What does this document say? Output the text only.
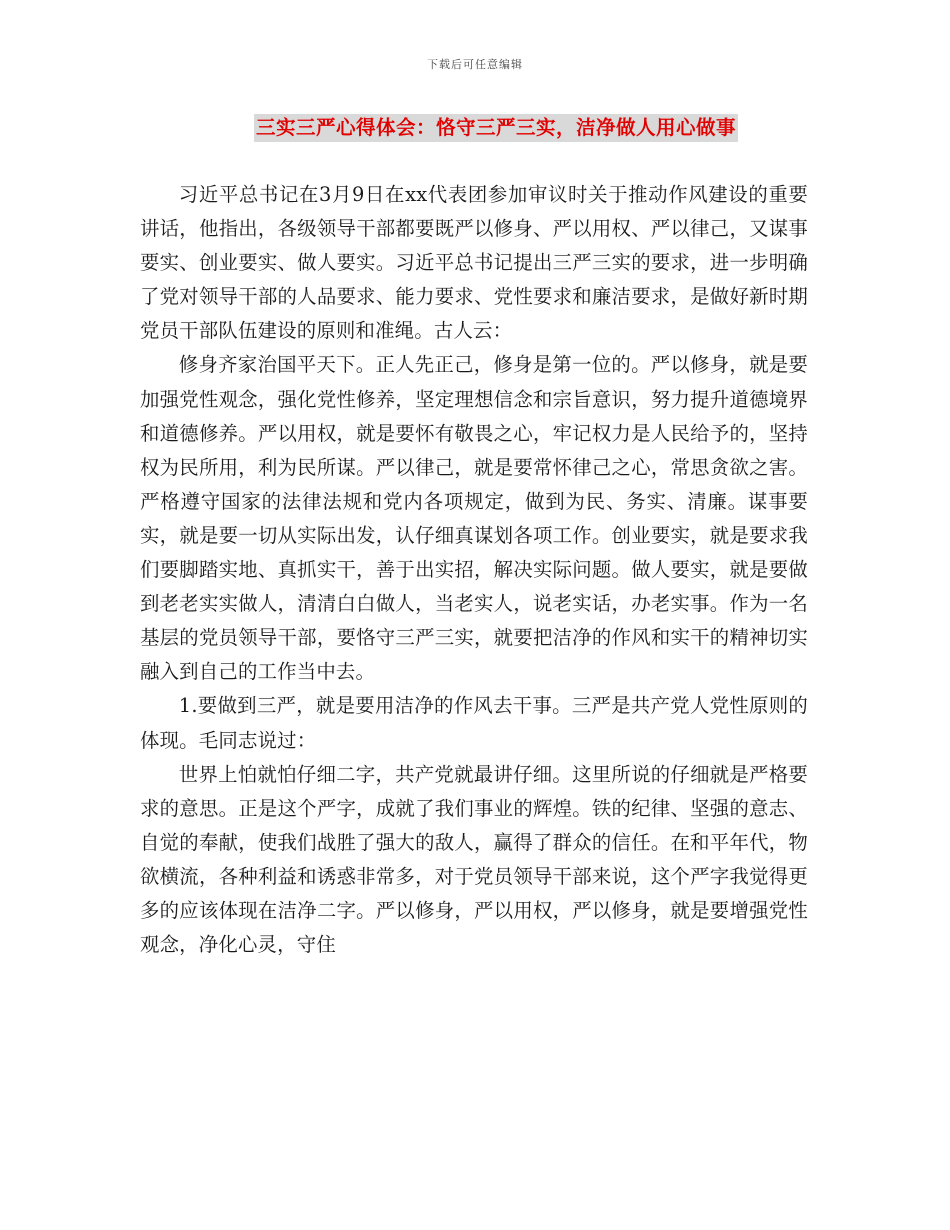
下载后可任意编辑
三实三严心得体会：恪守三严三实，洁净做人用心做事

习近平总书记在3月9日在xx代表团参加审议时关于推动作风建设的重要讲话，他指出，各级领导干部都要既严以修身、严以用权、严以律己，又谋事要实、创业要实、做人要实。习近平总书记提出三严三实的要求，进一步明确了党对领导干部的人品要求、能力要求、党性要求和廉洁要求，是做好新时期党员干部队伍建设的原则和准绳。古人云：

修身齐家治国平天下。正人先正己，修身是第一位的。严以修身，就是要加强党性观念，强化党性修养，坚定理想信念和宗旨意识，努力提升道德境界和道德修养。严以用权，就是要怀有敬畏之心，牢记权力是人民给予的，坚持权为民所用，利为民所谋。严以律己，就是要常怀律己之心，常思贪欲之害。严格遵守国家的法律法规和党内各项规定，做到为民、务实、清廉。谋事要实，就是要一切从实际出发，认仔细真谋划各项工作。创业要实，就是要求我们要脚踏实地、真抓实干，善于出实招，解决实际问题。做人要实，就是要做到老老实实做人，清清白白做人，当老实人，说老实话，办老实事。作为一名基层的党员领导干部，要恪守三严三实，就要把洁净的作风和实干的精神切实融入到自己的工作当中去。

1.要做到三严，就是要用洁净的作风去干事。三严是共产党人党性原则的体现。毛同志说过：

世界上怕就怕仔细二字，共产党就最讲仔细。这里所说的仔细就是严格要求的意思。正是这个严字，成就了我们事业的辉煌。铁的纪律、坚强的意志、自觉的奉献，使我们战胜了强大的敌人，赢得了群众的信任。在和平年代，物欲横流，各种利益和诱惑非常多，对于党员领导干部来说，这个严字我觉得更多的应该体现在洁净二字。严以修身，严以用权，严以修身，就是要增强党性观念，净化心灵，守住
